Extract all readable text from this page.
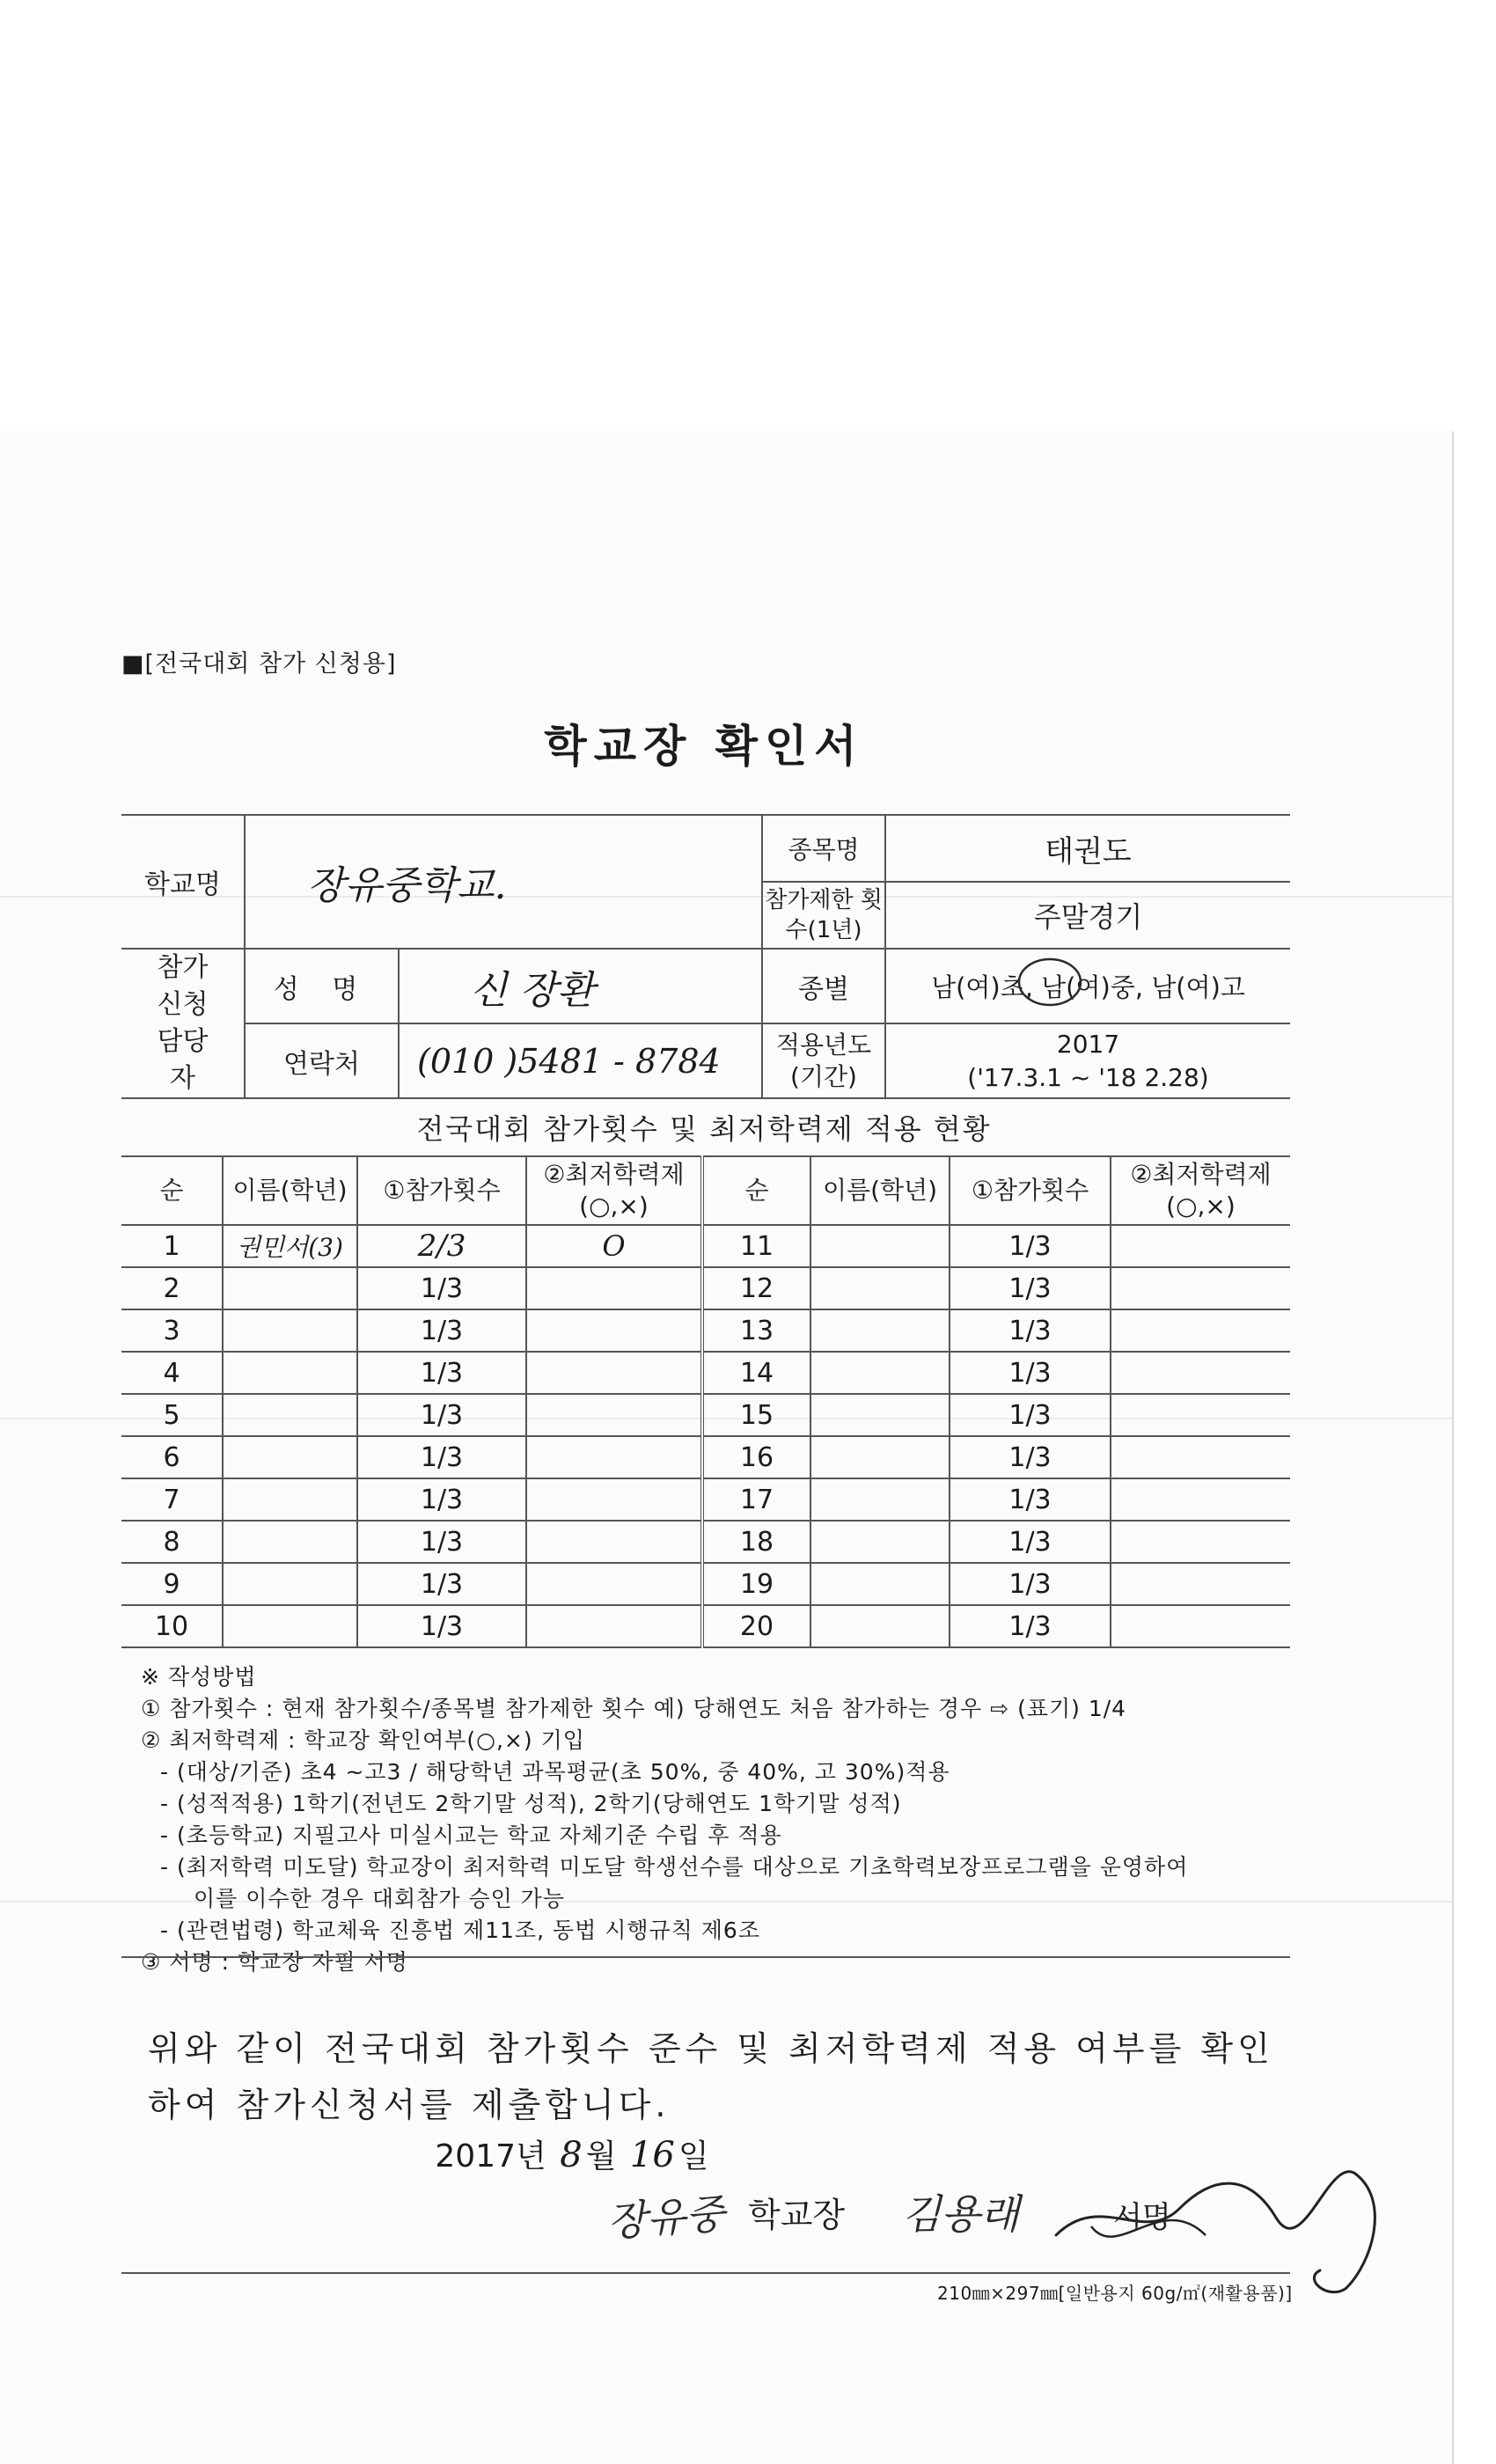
■[전국대회 참가 신청용]
학교장 확인서
학교명	장유중학교.		종목명	태권도
			참가제한 횟수(1년)	주말경기
참가 신청 담당자	성 명	신 장환	종별	남(여)초, 남(여)중, 남(여)고

	연락처	(010 )5481 - 8784	적용년도 (기간)	2017
('17.3.1 ~ '18 2.28)
전국대회 참가횟수 및 최저학력제 적용 현황
순	이름(학년)	①참가횟수	②최저학력제 (○,×)	순	이름(학년)	①참가횟수	②최저학력제 (○,×)
1	권민서(3)	2/3	O	11		1/3	
2		1/3		12		1/3	
3		1/3		13		1/3	
4		1/3		14		1/3	
5		1/3		15		1/3	
6		1/3		16		1/3	
7		1/3		17		1/3	
8		1/3		18		1/3	
9		1/3		19		1/3	
10		1/3		20		1/3	
※ 작성방법
① 참가횟수 : 현재 참가횟수/종목별 참가제한 횟수 예) 당해연도 처음 참가하는 경우 ⇨ (표기) 1/4
② 최저학력제 : 학교장 확인여부(○,×) 기입
- (대상/기준) 초4 ~고3 / 해당학년 과목평균(초 50%, 중 40%, 고 30%)적용
- (성적적용) 1학기(전년도 2학기말 성적), 2학기(당해연도 1학기말 성적)
- (초등학교) 지필고사 미실시교는 학교 자체기준 수립 후 적용
- (최저학력 미도달) 학교장이 최저학력 미도달 학생선수를 대상으로 기초학력보장프로그램을 운영하여
이를 이수한 경우 대회참가 승인 가능
- (관련법령) 학교체육 진흥법 제11조, 동법 시행규칙 제6조
③ 서명 : 학교장 자필 서명
위와 같이 전국대회 참가횟수 준수 및 최저학력제 적용 여부를 확인
하여 참가신청서를 제출합니다.
2017년 8 월 16 일
장유중 학교장 김용래	서명
210㎜×297㎜[일반용지 60g/㎡(재활용품)]
